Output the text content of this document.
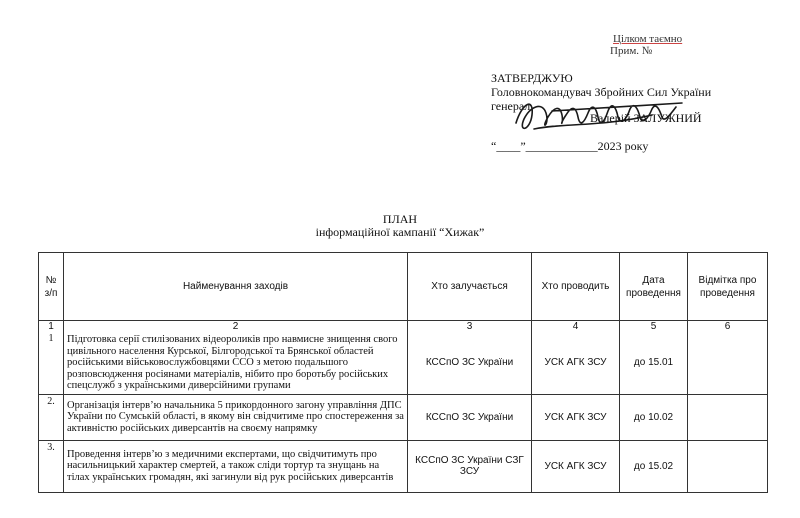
Цілком таємно
Прим. №
ЗАТВЕРДЖУЮ
Головнокомандувач Збройних Сил України
генерал
Валерій ЗАЛУЖНИЙ
“____”____________2023 року
ПЛАН
інформаційної кампанії “Хижак”
№ з/п	Найменування заходів	Хто залучається	Хто проводить	Дата проведення	Відмітка про проведення
1	2	3	4	5	6
1	Підготовка серії стилізованих відеороликів про навмисне знищення свого цивільного населення Курської, Білгородської та Брянської областей російськими військовослужбовцями ССО з метою подальшого розповсюдження росіянами матеріалів, нібито про боротьбу російських спецслужб з українськими диверсійними групами	КССпО ЗС України	УСК АГК ЗСУ	до 15.01	
2.	Організація інтерв’ю начальника 5 прикордонного загону управління ДПС України по Сумській області, в якому він свідчитиме про спостереження за активністю російських диверсантів на своєму напрямку	КССпО ЗС України	УСК АГК ЗСУ	до 10.02	
3.	Проведення інтерв’ю з медичними експертами, що свідчитимуть про насильницький характер смертей, а також сліди тортур та знущань на тілах українських громадян, які загинули від рук російських диверсантів	КССпО ЗС України СЗГ ЗСУ	УСК АГК ЗСУ	до 15.02	
